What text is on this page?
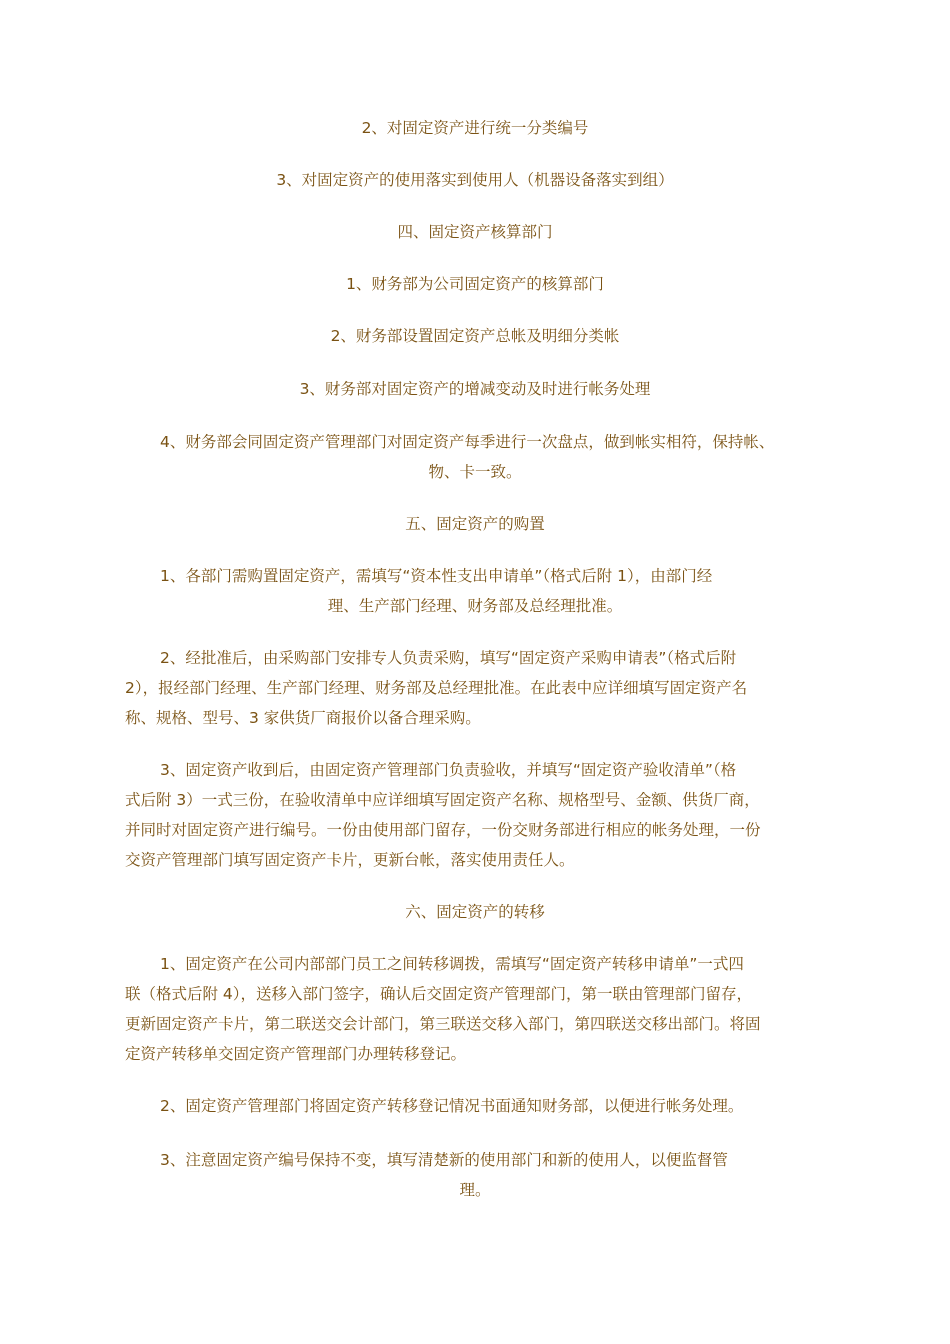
2、对固定资产进行统一分类编号
3、对固定资产的使用落实到使用人（机器设备落实到组）
四、固定资产核算部门
1、财务部为公司固定资产的核算部门
2、财务部设置固定资产总帐及明细分类帐
3、财务部对固定资产的增减变动及时进行帐务处理
4、财务部会同固定资产管理部门对固定资产每季进行一次盘点，做到帐实相符，保持帐、
物、卡一致。
五、固定资产的购置
1、各部门需购置固定资产，需填写“资本性支出申请单”（格式后附 1），由部门经
理、生产部门经理、财务部及总经理批准。
2、经批准后，由采购部门安排专人负责采购，填写“固定资产采购申请表”（格式后附
2），报经部门经理、生产部门经理、财务部及总经理批准。在此表中应详细填写固定资产名
称、规格、型号、3 家供货厂商报价以备合理采购。
3、固定资产收到后，由固定资产管理部门负责验收，并填写“固定资产验收清单”（格
式后附 3）一式三份，在验收清单中应详细填写固定资产名称、规格型号、金额、供货厂商，
并同时对固定资产进行编号。一份由使用部门留存，一份交财务部进行相应的帐务处理，一份
交资产管理部门填写固定资产卡片，更新台帐，落实使用责任人。
六、固定资产的转移
1、固定资产在公司内部部门员工之间转移调拨，需填写“固定资产转移申请单”一式四
联（格式后附 4），送移入部门签字，确认后交固定资产管理部门，第一联由管理部门留存，
更新固定资产卡片，第二联送交会计部门，第三联送交移入部门，第四联送交移出部门。将固
定资产转移单交固定资产管理部门办理转移登记。
2、固定资产管理部门将固定资产转移登记情况书面通知财务部，以便进行帐务处理。
3、注意固定资产编号保持不变，填写清楚新的使用部门和新的使用人，以便监督管
理。
